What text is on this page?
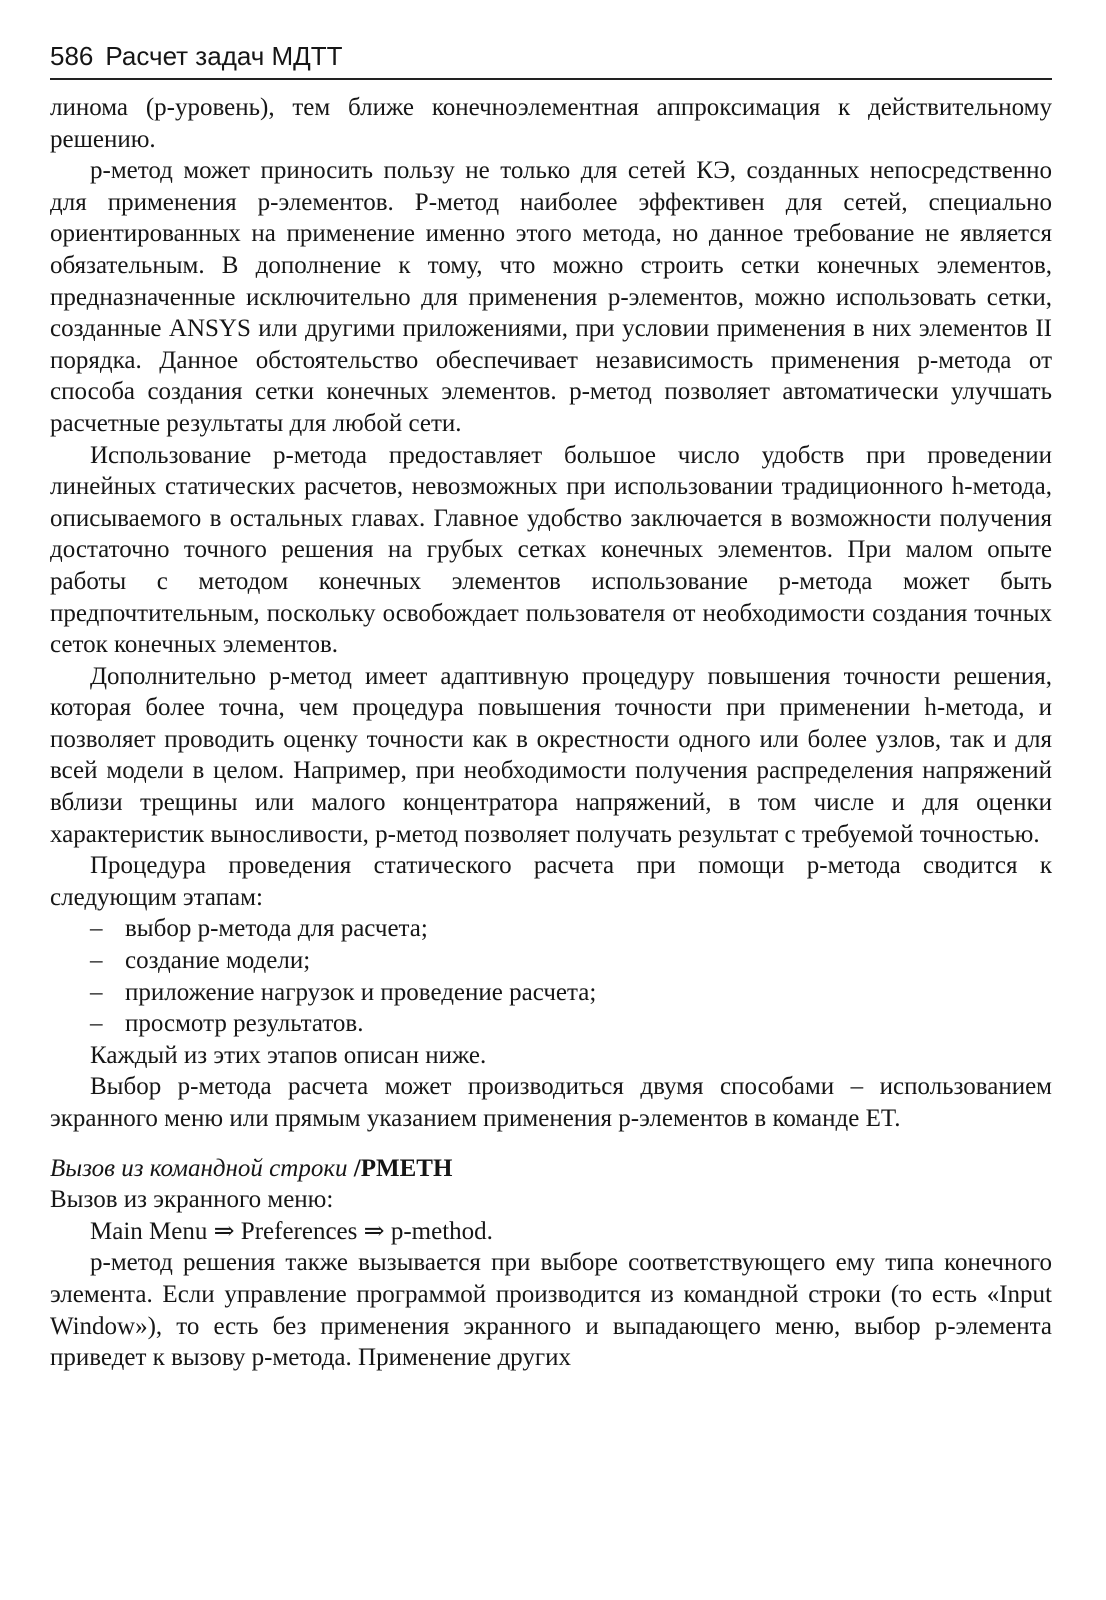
586 Расчет задач МДТТ

линома (p-уровень), тем ближе конечноэлементная аппроксимация к действительному решению.

p-метод может приносить пользу не только для сетей КЭ, созданных непосредственно для применения p-элементов. P-метод наиболее эффективен для сетей, специально ориентированных на применение именно этого метода, но данное требование не является обязательным. В дополнение к тому, что можно строить сетки конечных элементов, предназначенные исключительно для применения p-элементов, можно использовать сетки, созданные ANSYS или другими приложениями, при условии применения в них элементов II порядка. Данное обстоятельство обеспечивает независимость применения p-метода от способа создания сетки конечных элементов. p-метод позволяет автоматически улучшать расчетные результаты для любой сети.

Использование p-метода предоставляет большое число удобств при проведении линейных статических расчетов, невозможных при использовании традиционного h-метода, описываемого в остальных главах. Главное удобство заключается в возможности получения достаточно точного решения на грубых сетках конечных элементов. При малом опыте работы с методом конечных элементов использование p-метода может быть предпочтительным, поскольку освобождает пользователя от необходимости создания точных сеток конечных элементов.

Дополнительно p-метод имеет адаптивную процедуру повышения точности решения, которая более точна, чем процедура повышения точности при применении h-метода, и позволяет проводить оценку точности как в окрестности одного или более узлов, так и для всей модели в целом. Например, при необходимости получения распределения напряжений вблизи трещины или малого концентратора напряжений, в том числе и для оценки характеристик выносливости, p-метод позволяет получать результат с требуемой точностью.

Процедура проведения статического расчета при помощи p-метода сводится к следующим этапам:

– выбор p-метода для расчета;
– создание модели;
– приложение нагрузок и проведение расчета;
– просмотр результатов.

Каждый из этих этапов описан ниже.

Выбор p-метода расчета может производиться двумя способами – использованием экранного меню или прямым указанием применения p-элементов в команде ET.

Вызов из командной строки /PMETH

Вызов из экранного меню:

Main Menu ⇒ Preferences ⇒ p-method.

p-метод решения также вызывается при выборе соответствующего ему типа конечного элемента. Если управление программой производится из командной строки (то есть «Input Window»), то есть без применения экранного и выпадающего меню, выбор p-элемента приведет к вызову p-метода. Применение других
